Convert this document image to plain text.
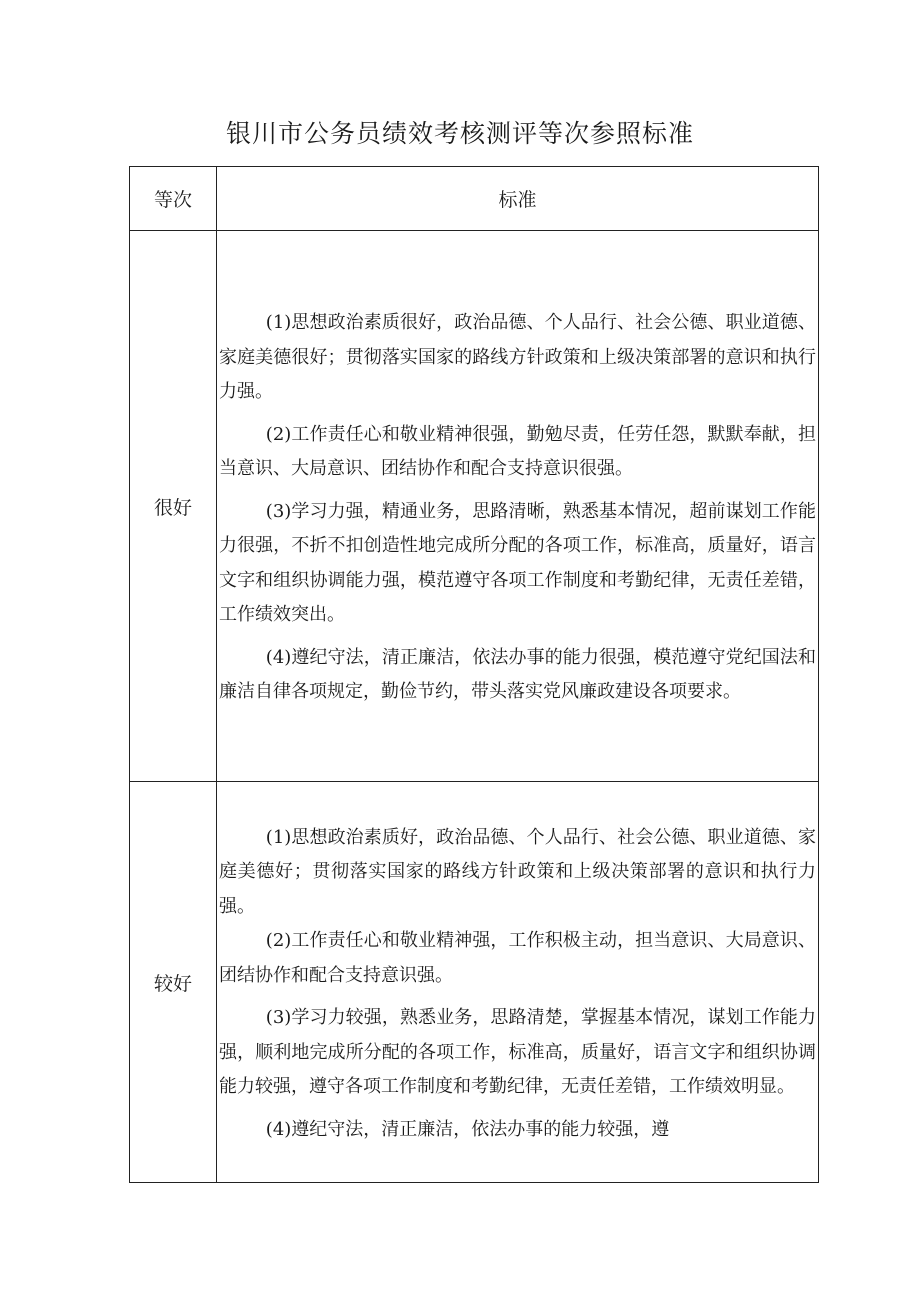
银川市公务员绩效考核测评等次参照标准
等次	标准
很好	(1)思想政治素质很好，政治品德、个人品行、社会公德、职业道德、家庭美德很好；贯彻落实国家的路线方针政策和上级决策部署的意识和执行力强。

(2)工作责任心和敬业精神很强，勤勉尽责，任劳任怨，默默奉献，担当意识、大局意识、团结协作和配合支持意识很强。

(3)学习力强，精通业务，思路清晰，熟悉基本情况，超前谋划工作能力很强，不折不扣创造性地完成所分配的各项工作，标准高，质量好，语言文字和组织协调能力强，模范遵守各项工作制度和考勤纪律，无责任差错，工作绩效突出。

(4)遵纪守法，清正廉洁，依法办事的能力很强，模范遵守党纪国法和廉洁自律各项规定，勤俭节约，带头落实党风廉政建设各项要求。

较好	(1)思想政治素质好，政治品德、个人品行、社会公德、职业道德、家庭美德好；贯彻落实国家的路线方针政策和上级决策部署的意识和执行力强。

(2)工作责任心和敬业精神强，工作积极主动，担当意识、大局意识、团结协作和配合支持意识强。

(3)学习力较强，熟悉业务，思路清楚，掌握基本情况，谋划工作能力强，顺利地完成所分配的各项工作，标准高，质量好，语言文字和组织协调能力较强，遵守各项工作制度和考勤纪律，无责任差错，工作绩效明显。

(4)遵纪守法，清正廉洁，依法办事的能力较强，遵
